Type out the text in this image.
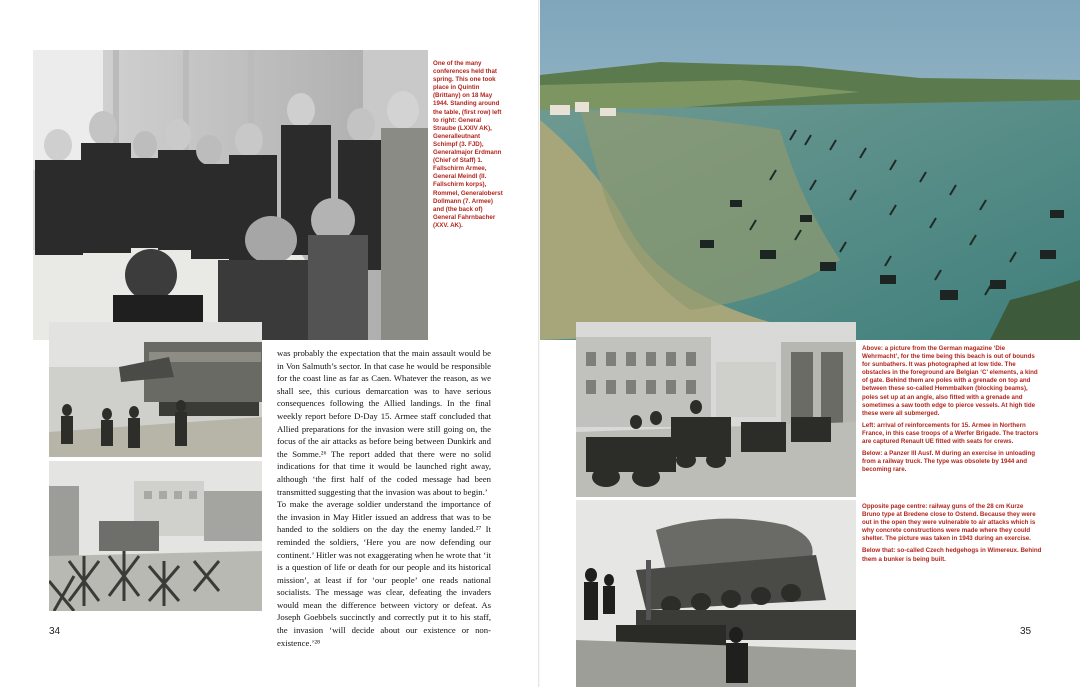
One of the many conferences held that spring. This one took place in Quintin (Brittany) on 18 May 1944. Standing around the table, (first row) left to right: General Straube (LXXIV AK), Generalleutnant Schimpf (3. FJD), Generalmajor Erdmann (Chief of Staff) 1. Fallschirm Armee, General Meindl (II. Fallschirm korps), Rommel, Generaloberst Dollmann (7. Armee) and (the back of) General Fahrnbacher (XXV. AK).

was probably the expectation that the main assault would be in Von Salmuth’s sector. In that case he would be responsible for the coast line as far as Caen. Whatever the reason, as we shall see, this curious demarcation was to have serious consequences following the Allied landings. In the final weekly report before D-Day 15. Armee staff concluded that Allied preparations for the invasion were still going on, the focus of the air attacks as before being between Dunkirk and the Somme.²⁶ The report added that there were no solid indications for that time it would be launched right away, although ‘the first half of the coded message had been transmitted suggesting that the invasion was about to begin.’

To make the average soldier understand the importance of the invasion in May Hitler issued an address that was to be handed to the soldiers on the day the enemy landed.²⁷ It reminded the soldiers, ‘Here you are now defending our continent.’ Hitler was not exaggerating when he wrote that ‘it is a question of life or death for our people and its historical mission’, at least if for ‘our people’ one reads national socialists. The message was clear, defeating the invaders would mean the difference between victory or defeat. As Joseph Goebbels succinctly and correctly put it to his staff, the invasion ‘will decide about our existence or non-existence.’²⁸

34

Above: a picture from the German magazine ‘Die Wehrmacht’, for the time being this beach is out of bounds for sunbathers. It was photographed at low tide. The obstacles in the foreground are Belgian ‘C’ elements, a kind of gate. Behind them are poles with a grenade on top and between these so-called Hemmbalken (blocking beams), poles set up at an angle, also fitted with a grenade and sometimes a saw tooth edge to pierce vessels. At high tide these were all submerged.

Left: arrival of reinforcements for 15. Armee in Northern France, in this case troops of a Werfer Brigade. The tractors are captured Renault UE fitted with seats for crews.

Below: a Panzer III Ausf. M during an exercise in unloading from a railway truck. The type was obsolete by 1944 and becoming rare.

Opposite page centre: railway guns of the 28 cm Kurze Bruno type at Bredene close to Ostend. Because they were out in the open they were vulnerable to air attacks which is why concrete constructions were made where they could shelter. The picture was taken in 1943 during an exercise.

Below that: so-called Czech hedgehogs in Wimereux. Behind them a bunker is being built.

35
